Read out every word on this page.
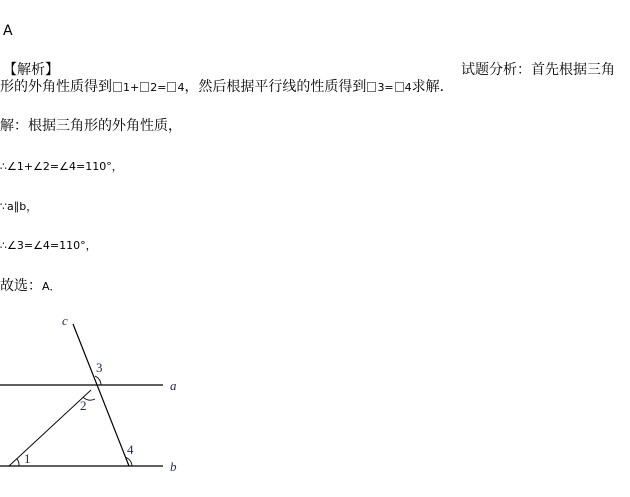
A
【解析】	试题分析：首先根据三角
形的外角性质得到 1+ 2= 4，然后根据平行线的性质得到 3= 4求解．
解：根据三角形的外角性质，
∴∠1+∠2=∠4=110°，
∵a∥b，
∴∠3=∠4=110°，
故选：A．
c
a
b
1
2
3
4
